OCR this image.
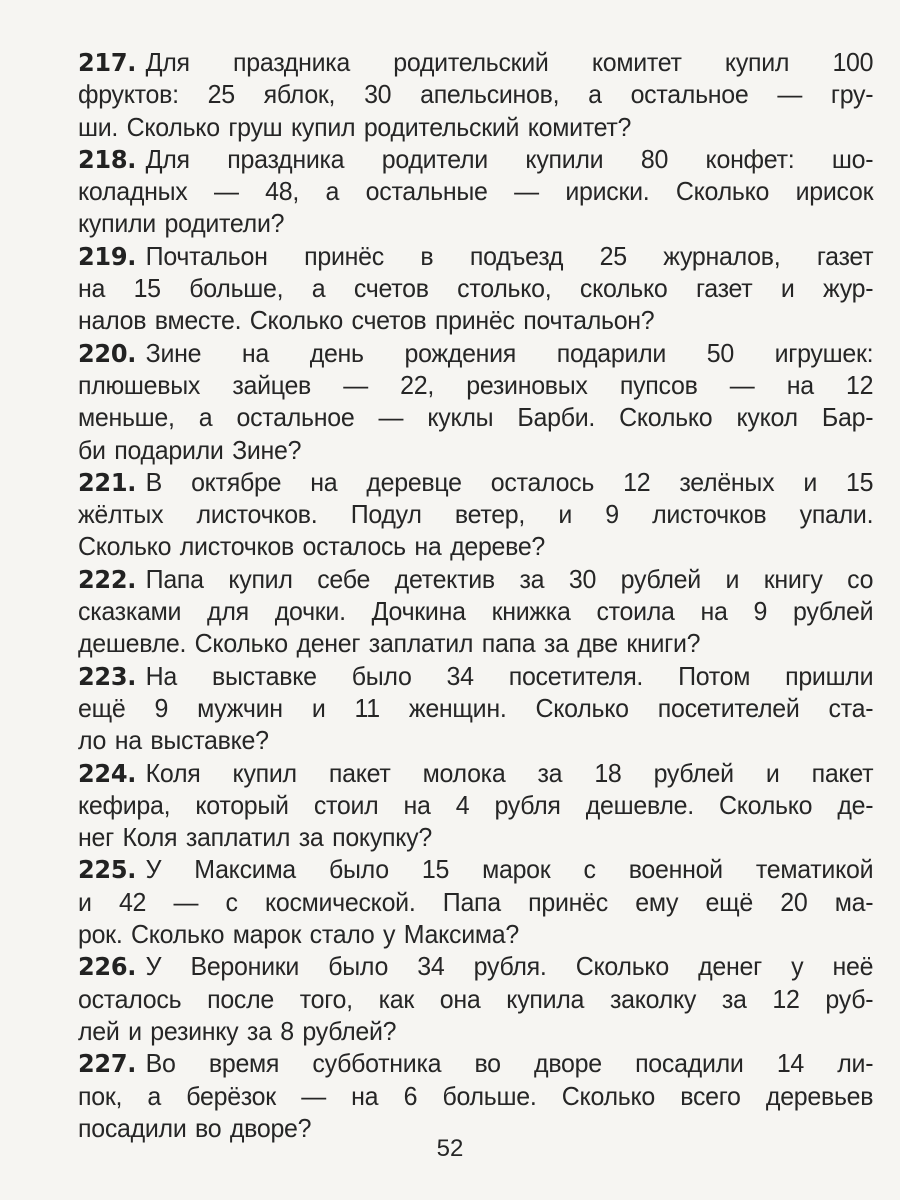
217. Для праздника родительский комитет купил 100
фруктов: 25 яблок, 30 апельсинов, а остальное — гру-
ши. Сколько груш купил родительский комитет?
218. Для праздника родители купили 80 конфет: шо-
коладных — 48, а остальные — ириски. Сколько ирисок
купили родители?
219. Почтальон принёс в подъезд 25 журналов, газет
на 15 больше, а счетов столько, сколько газет и жур-
налов вместе. Сколько счетов принёс почтальон?
220. Зине на день рождения подарили 50 игрушек:
плюшевых зайцев — 22, резиновых пупсов — на 12
меньше, а остальное — куклы Барби. Сколько кукол Бар-
би подарили Зине?
221. В октябре на деревце осталось 12 зелёных и 15
жёлтых листочков. Подул ветер, и 9 листочков упали.
Сколько листочков осталось на дереве?
222. Папа купил себе детектив за 30 рублей и книгу со
сказками для дочки. Дочкина книжка стоила на 9 рублей
дешевле. Сколько денег заплатил папа за две книги?
223. На выставке было 34 посетителя. Потом пришли
ещё 9 мужчин и 11 женщин. Сколько посетителей ста-
ло на выставке?
224. Коля купил пакет молока за 18 рублей и пакет
кефира, который стоил на 4 рубля дешевле. Сколько де-
нег Коля заплатил за покупку?
225. У Максима было 15 марок с военной тематикой
и 42 — с космической. Папа принёс ему ещё 20 ма-
рок. Сколько марок стало у Максима?
226. У Вероники было 34 рубля. Сколько денег у неё
осталось после того, как она купила заколку за 12 руб-
лей и резинку за 8 рублей?
227. Во время субботника во дворе посадили 14 ли-
пок, а берёзок — на 6 больше. Сколько всего деревьев
посадили во дворе?
52
